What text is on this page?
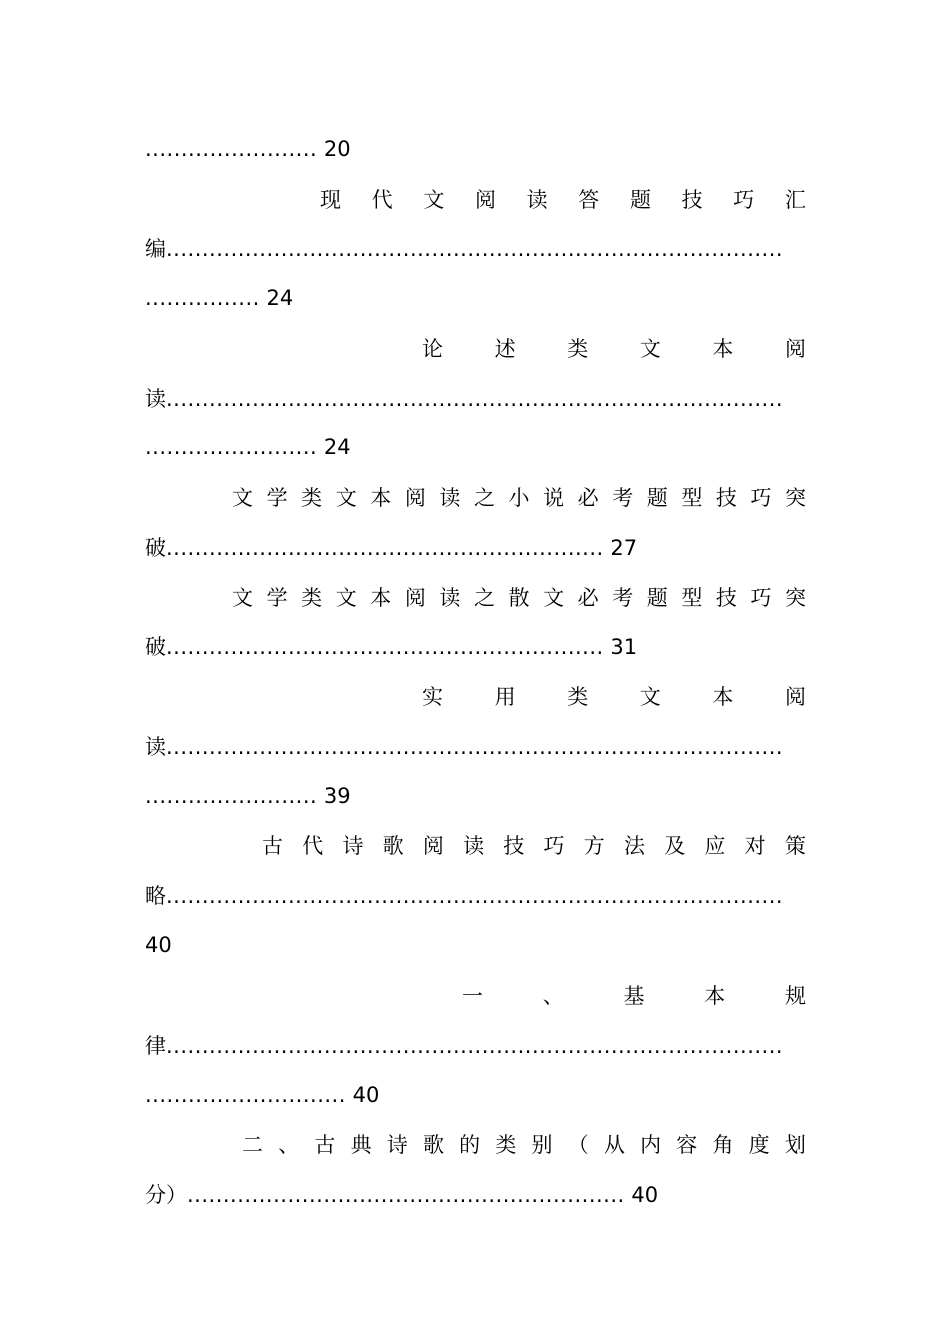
........................ 20
现 代 文 阅 读 答 题 技 巧 汇
编......................................................................................
................ 24
论 述 类 文 本 阅
读......................................................................................
........................ 24
文 学 类 文 本 阅 读 之 小 说 必 考 题 型 技 巧 突
破............................................................. 27
文 学 类 文 本 阅 读 之 散 文 必 考 题 型 技 巧 突
破............................................................. 31
实 用 类 文 本 阅
读......................................................................................
........................ 39
古 代 诗 歌 阅 读 技 巧 方 法 及 应 对 策
略......................................................................................
40
一	、	基	本	规
律......................................................................................
............................ 40
二 、 古 典 诗 歌 的 类 别 （ 从 内 容 角 度 划
分）............................................................. 40
